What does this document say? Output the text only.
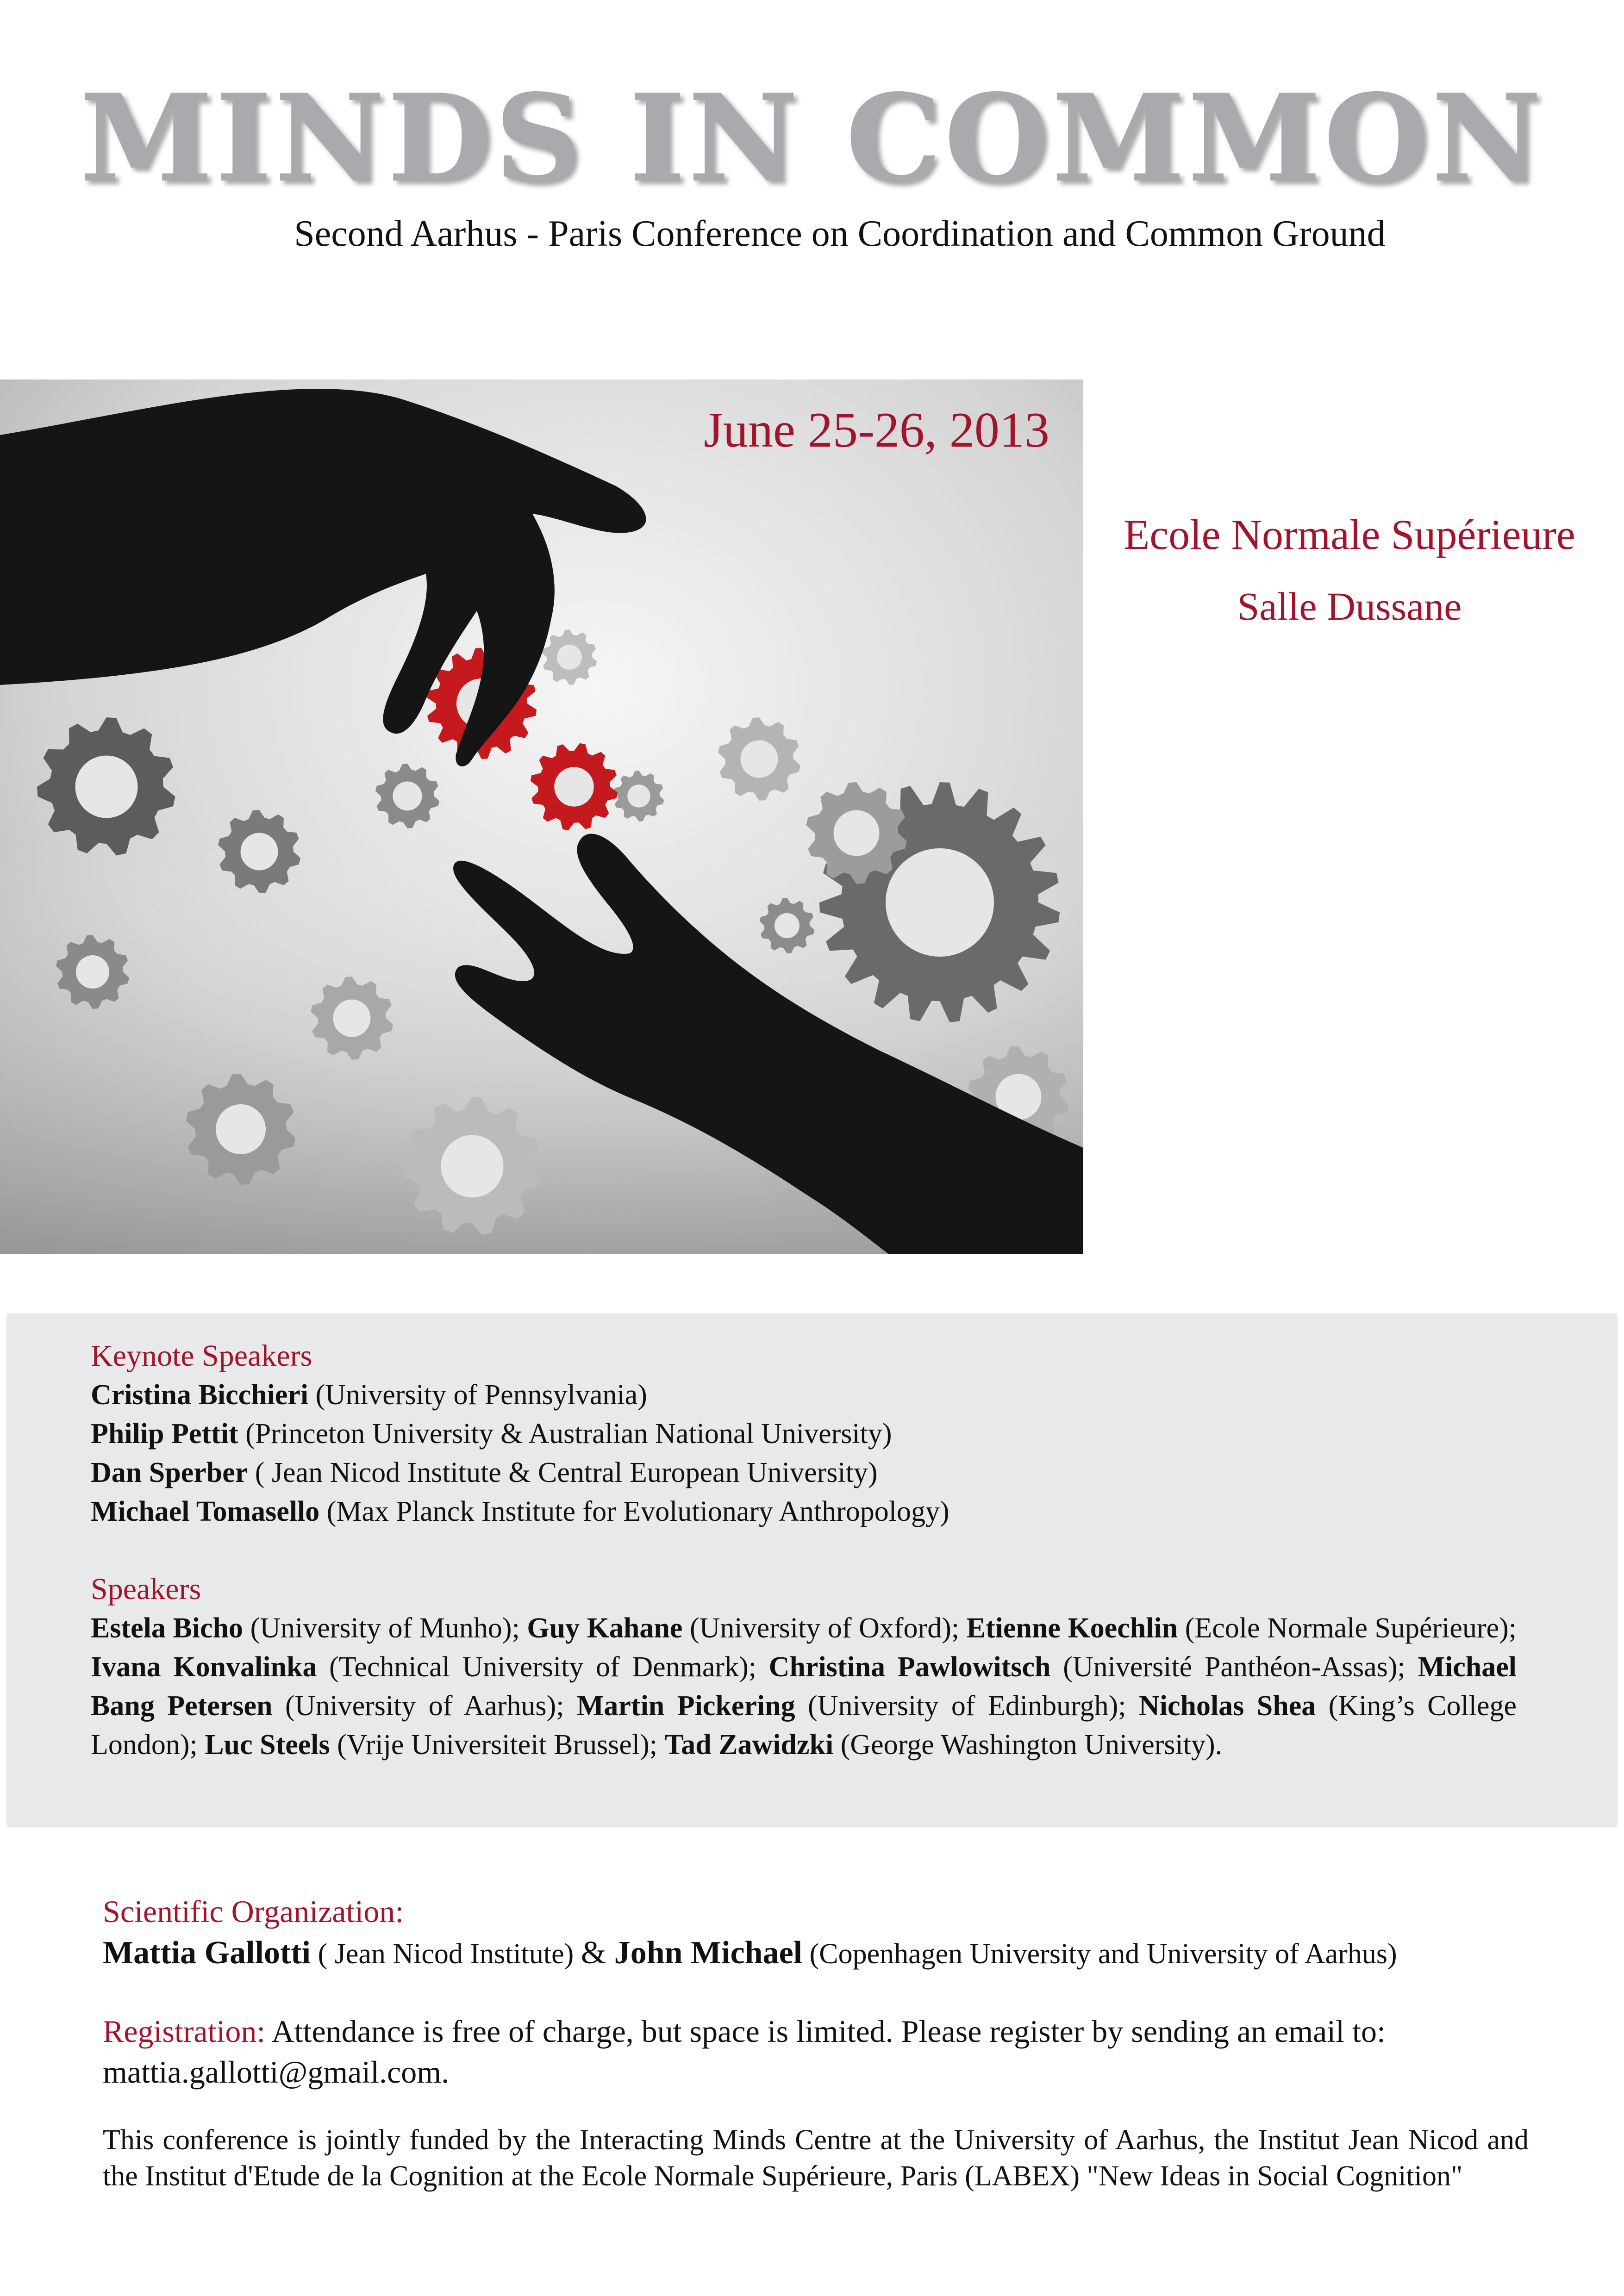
MINDS IN COMMON
Second Aarhus - Paris Conference on Coordination and Common Ground
June 25-26, 2013
Ecole Normale Supérieure
Salle Dussane
Keynote Speakers
Cristina Bicchieri (University of Pennsylvania)
Philip Pettit (Princeton University & Australian National University)
Dan Sperber ( Jean Nicod Institute & Central European University)
Michael Tomasello (Max Planck Institute for Evolutionary Anthropology)
Speakers
Estela Bicho (University of Munho); Guy Kahane (University of Oxford); Etienne Koechlin (Ecole Normale Supérieure); Ivana Konvalinka (Technical University of Denmark); Christina Pawlowitsch (Université Panthéon-Assas); Michael Bang Petersen (University of Aarhus); Martin Pickering (University of Edinburgh); Nicholas Shea (King’s College London); Luc Steels (Vrije Universiteit Brussel); Tad Zawidzki (George Washington University).
Scientific Organization:
Mattia Gallotti ( Jean Nicod Institute) & John Michael (Copenhagen University and University of Aarhus)
Registration: Attendance is free of charge, but space is limited. Please register by sending an email to: mattia.gallotti@gmail.com.
This conference is jointly funded by the Interacting Minds Centre at the University of Aarhus, the Institut Jean Nicod and the Institut d'Etude de la Cognition at the Ecole Normale Supérieure, Paris (LABEX) "New Ideas in Social Cognition"
